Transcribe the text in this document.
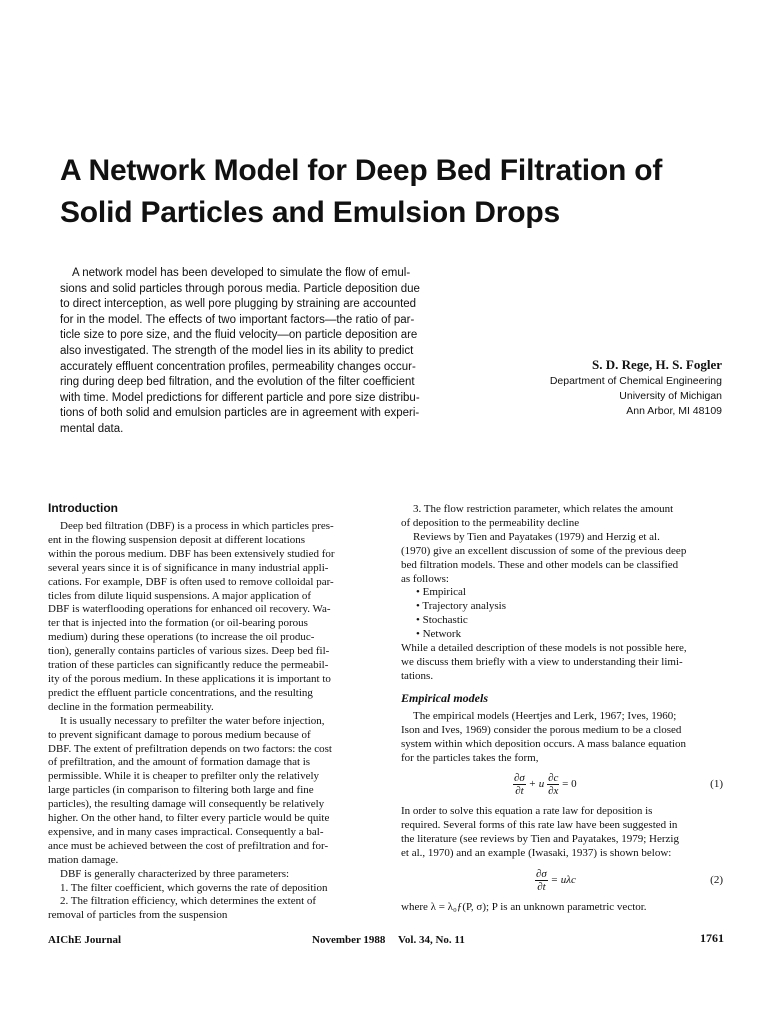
A Network Model for Deep Bed Filtration of
Solid Particles and Emulsion Drops
A network model has been developed to simulate the flow of emul-
sions and solid particles through porous media. Particle deposition due
to direct interception, as well pore plugging by straining are accounted
for in the model. The effects of two important factors—the ratio of par-
ticle size to pore size, and the fluid velocity—on particle deposition are
also investigated. The strength of the model lies in its ability to predict
accurately effluent concentration profiles, permeability changes occur-
ring during deep bed filtration, and the evolution of the filter coefficient
with time. Model predictions for different particle and pore size distribu-
tions of both solid and emulsion particles are in agreement with experi-
mental data.
S. D. Rege, H. S. Fogler
Department of Chemical Engineering
University of Michigan
Ann Arbor, MI 48109
Introduction
Deep bed filtration (DBF) is a process in which particles pres-
ent in the flowing suspension deposit at different locations
within the porous medium. DBF has been extensively studied for
several years since it is of significance in many industrial appli-
cations. For example, DBF is often used to remove colloidal par-
ticles from dilute liquid suspensions. A major application of
DBF is waterflooding operations for enhanced oil recovery. Wa-
ter that is injected into the formation (or oil-bearing porous
medium) during these operations (to increase the oil produc-
tion), generally contains particles of various sizes. Deep bed fil-
tration of these particles can significantly reduce the permeabil-
ity of the porous medium. In these applications it is important to
predict the effluent particle concentrations, and the resulting
decline in the formation permeability.
It is usually necessary to prefilter the water before injection,
to prevent significant damage to porous medium because of
DBF. The extent of prefiltration depends on two factors: the cost
of prefiltration, and the amount of formation damage that is
permissible. While it is cheaper to prefilter only the relatively
large particles (in comparison to filtering both large and fine
particles), the resulting damage will consequently be relatively
higher. On the other hand, to filter every particle would be quite
expensive, and in many cases impractical. Consequently a bal-
ance must be achieved between the cost of prefiltration and for-
mation damage.
DBF is generally characterized by three parameters:
1. The filter coefficient, which governs the rate of deposition
2. The filtration efficiency, which determines the extent of
removal of particles from the suspension
3. The flow restriction parameter, which relates the amount
of deposition to the permeability decline
Reviews by Tien and Payatakes (1979) and Herzig et al.
(1970) give an excellent discussion of some of the previous deep
bed filtration models. These and other models can be classified
as follows:
• Empirical
• Trajectory analysis
• Stochastic
• Network
While a detailed description of these models is not possible here,
we discuss them briefly with a view to understanding their limi-
tations.
Empirical models
The empirical models (Heertjes and Lerk, 1967; Ives, 1960;
Ison and Ives, 1969) consider the porous medium to be a closed
system within which deposition occurs. A mass balance equation
for the particles takes the form,
$\frac{\partial\sigma}{\partial t} + u \frac{\partial c}{\partial x} = 0$	(1)
In order to solve this equation a rate law for deposition is
required. Several forms of this rate law have been suggested in
the literature (see reviews by Tien and Payatakes, 1979; Herzig
et al., 1970) and an example (Iwasaki, 1937) is shown below:
$\frac{\partial\sigma}{\partial t} = u\lambda c$	(2)
where λ = λ₀ƒ(P, σ); P is an unknown parametric vector.
AIChE Journal	November 1988 Vol. 34, No. 11	1761
